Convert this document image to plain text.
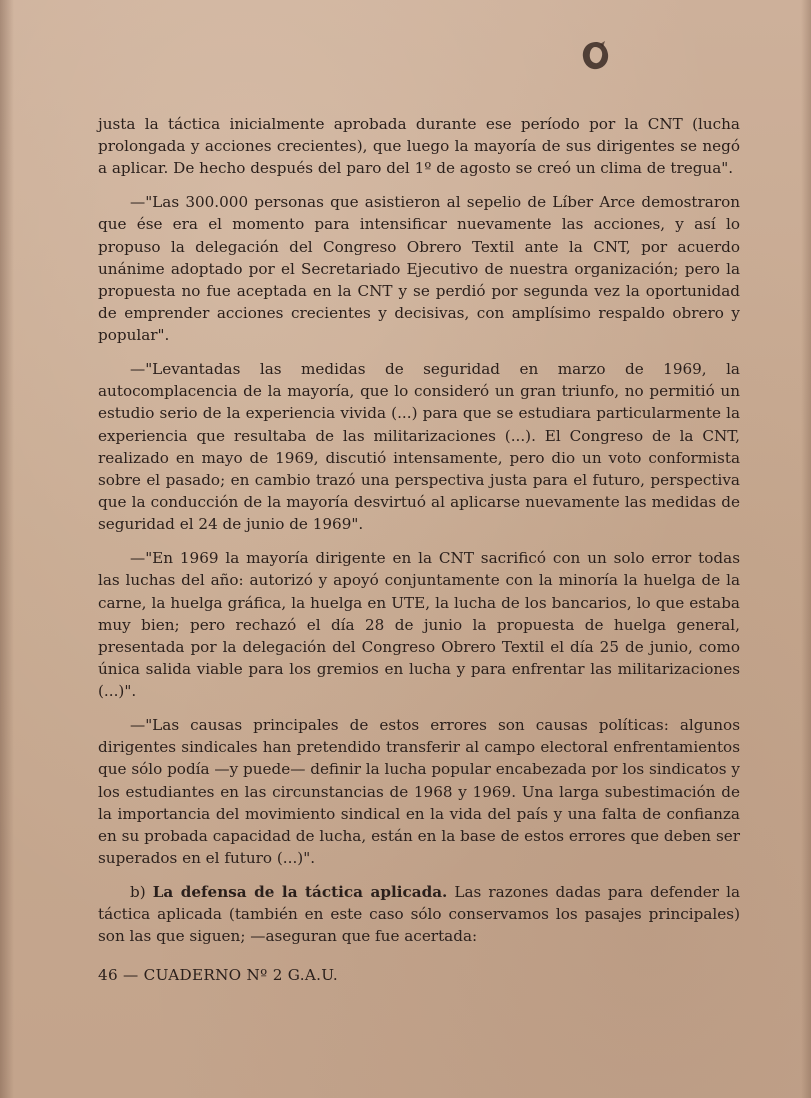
justa la táctica inicialmente aprobada durante ese período por la CNT (lucha prolongada y acciones crecientes), que luego la mayoría de sus dirigentes se negó a aplicar. De hecho después del paro del 1º de agosto se creó un clima de tregua".

—"Las 300.000 personas que asistieron al sepelio de Líber Arce demostraron que ése era el momento para intensificar nuevamente las acciones, y así lo propuso la delegación del Congreso Obrero Textil ante la CNT, por acuerdo unánime adoptado por el Secretariado Ejecutivo de nuestra organización; pero la propuesta no fue aceptada en la CNT y se perdió por segunda vez la oportunidad de emprender acciones crecientes y decisivas, con amplísimo respaldo obrero y popular".

—"Levantadas las medidas de seguridad en marzo de 1969, la autocomplacencia de la mayoría, que lo consideró un gran triunfo, no permitió un estudio serio de la experiencia vivida (...) para que se estudiara particularmente la experiencia que resultaba de las militarizaciones (...). El Congreso de la CNT, realizado en mayo de 1969, discutió intensamente, pero dio un voto conformista sobre el pasado; en cambio trazó una perspectiva justa para el futuro, perspectiva que la conducción de la mayoría desvirtuó al aplicarse nuevamente las medidas de seguridad el 24 de junio de 1969".

—"En 1969 la mayoría dirigente en la CNT sacrificó con un solo error todas las luchas del año: autorizó y apoyó conjuntamente con la minoría la huelga de la carne, la huelga gráfica, la huelga en UTE, la lucha de los bancarios, lo que estaba muy bien; pero rechazó el día 28 de junio la propuesta de huelga general, presentada por la delegación del Congreso Obrero Textil el día 25 de junio, como única salida viable para los gremios en lucha y para enfrentar las militarizaciones (...)".

—"Las causas principales de estos errores son causas políticas: algunos dirigentes sindicales han pretendido transferir al campo electoral enfrentamientos que sólo podía —y puede— definir la lucha popular encabezada por los sindicatos y los estudiantes en las circunstancias de 1968 y 1969. Una larga subestimación de la importancia del movimiento sindical en la vida del país y una falta de confianza en su probada capacidad de lucha, están en la base de estos errores que deben ser superados en el futuro (...)".

b) La defensa de la táctica aplicada. Las razones dadas para defender la táctica aplicada (también en este caso sólo conservamos los pasajes principales) son las que siguen; —aseguran que fue acertada:

46 — CUADERNO Nº 2 G.A.U.
